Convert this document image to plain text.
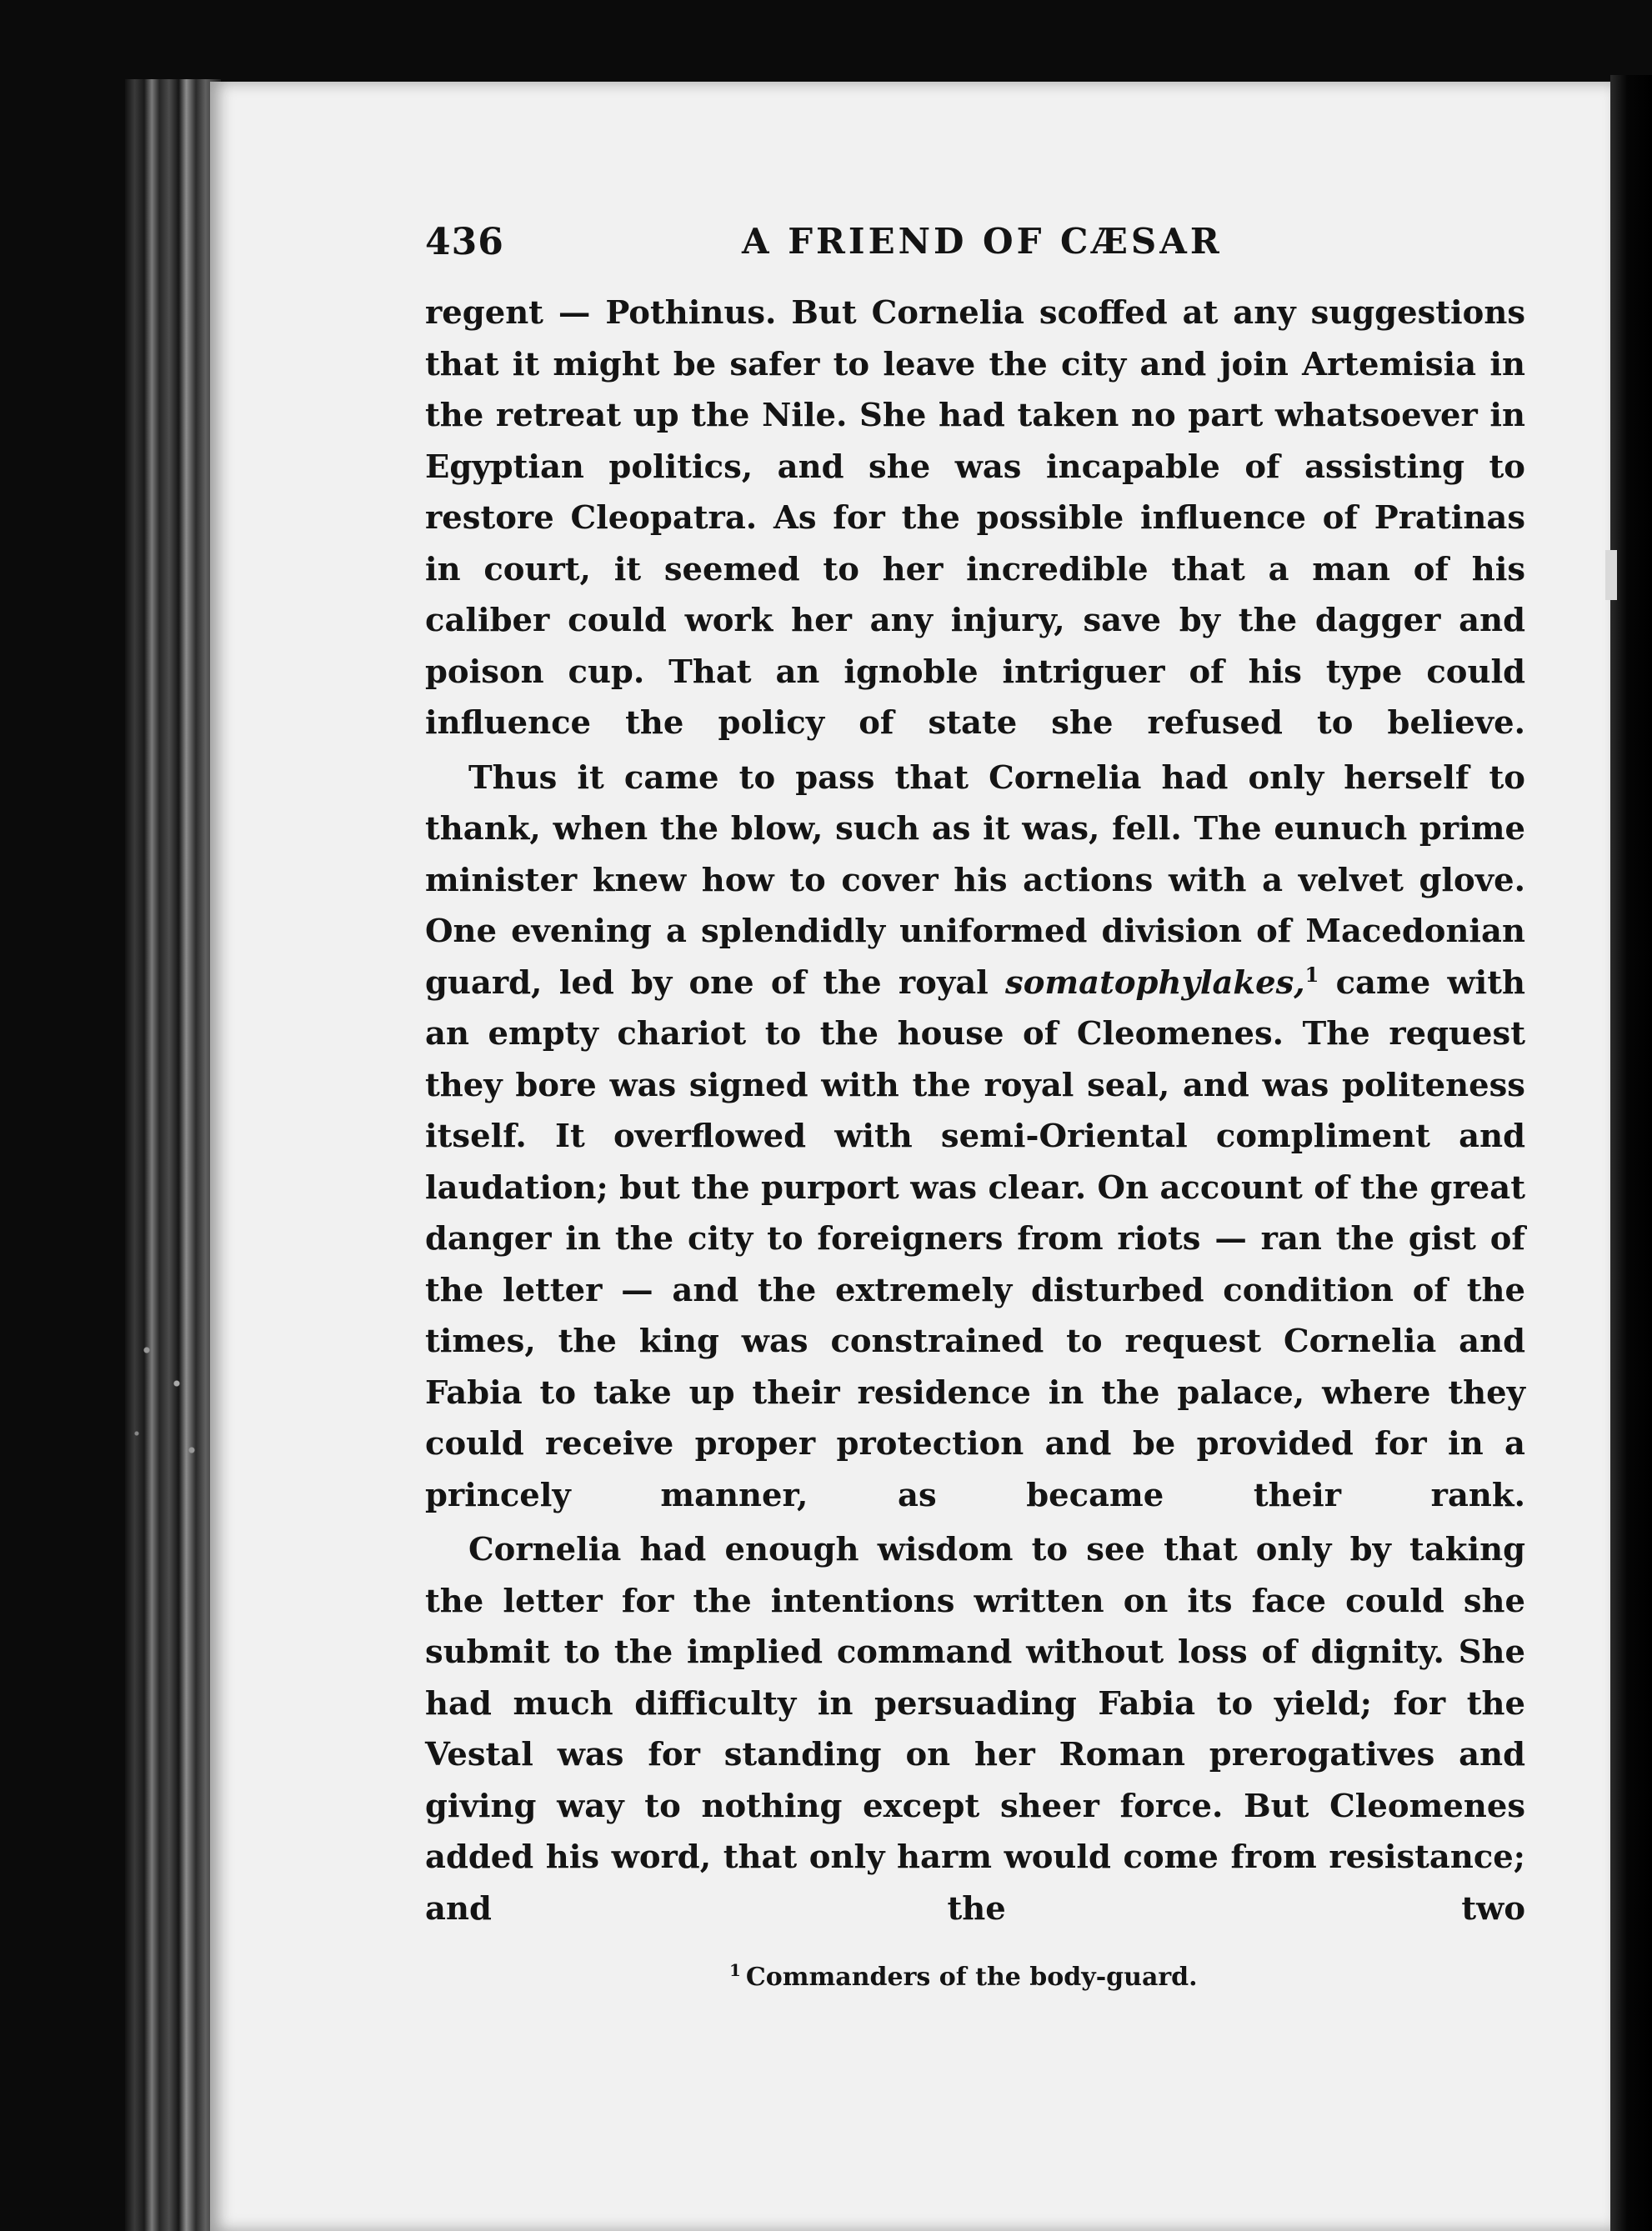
436	A FRIEND OF CÆSAR

regent — Pothinus. But Cornelia scoffed at any suggestions that it might be safer to leave the city and join Artemisia in the retreat up the Nile. She had taken no part whatsoever in Egyptian politics, and she was incapable of assisting to restore Cleopatra. As for the possible influence of Pratinas in court, it seemed to her incredible that a man of his caliber could work her any injury, save by the dagger and poison cup. That an ignoble intriguer of his type could influence the policy of state she refused to believe.

Thus it came to pass that Cornelia had only herself to thank, when the blow, such as it was, fell. The eunuch prime minister knew how to cover his actions with a velvet glove. One evening a splendidly uniformed division of Macedonian guard, led by one of the royal somatophylakes,$^1$ came with an empty chariot to the house of Cleomenes. The request they bore was signed with the royal seal, and was politeness itself. It overflowed with semi-Oriental compliment and laudation; but the purport was clear. On account of the great danger in the city to foreigners from riots — ran the gist of the letter — and the extremely disturbed condition of the times, the king was constrained to request Cornelia and Fabia to take up their residence in the palace, where they could receive proper protection and be provided for in a princely manner, as became their rank.

Cornelia had enough wisdom to see that only by taking the letter for the intentions written on its face could she submit to the implied command without loss of dignity. She had much difficulty in persuading Fabia to yield; for the Vestal was for standing on her Roman prerogatives and giving way to nothing except sheer force. But Cleomenes added his word, that only harm would come from resistance; and the two

$^1$ Commanders of the body-guard.
